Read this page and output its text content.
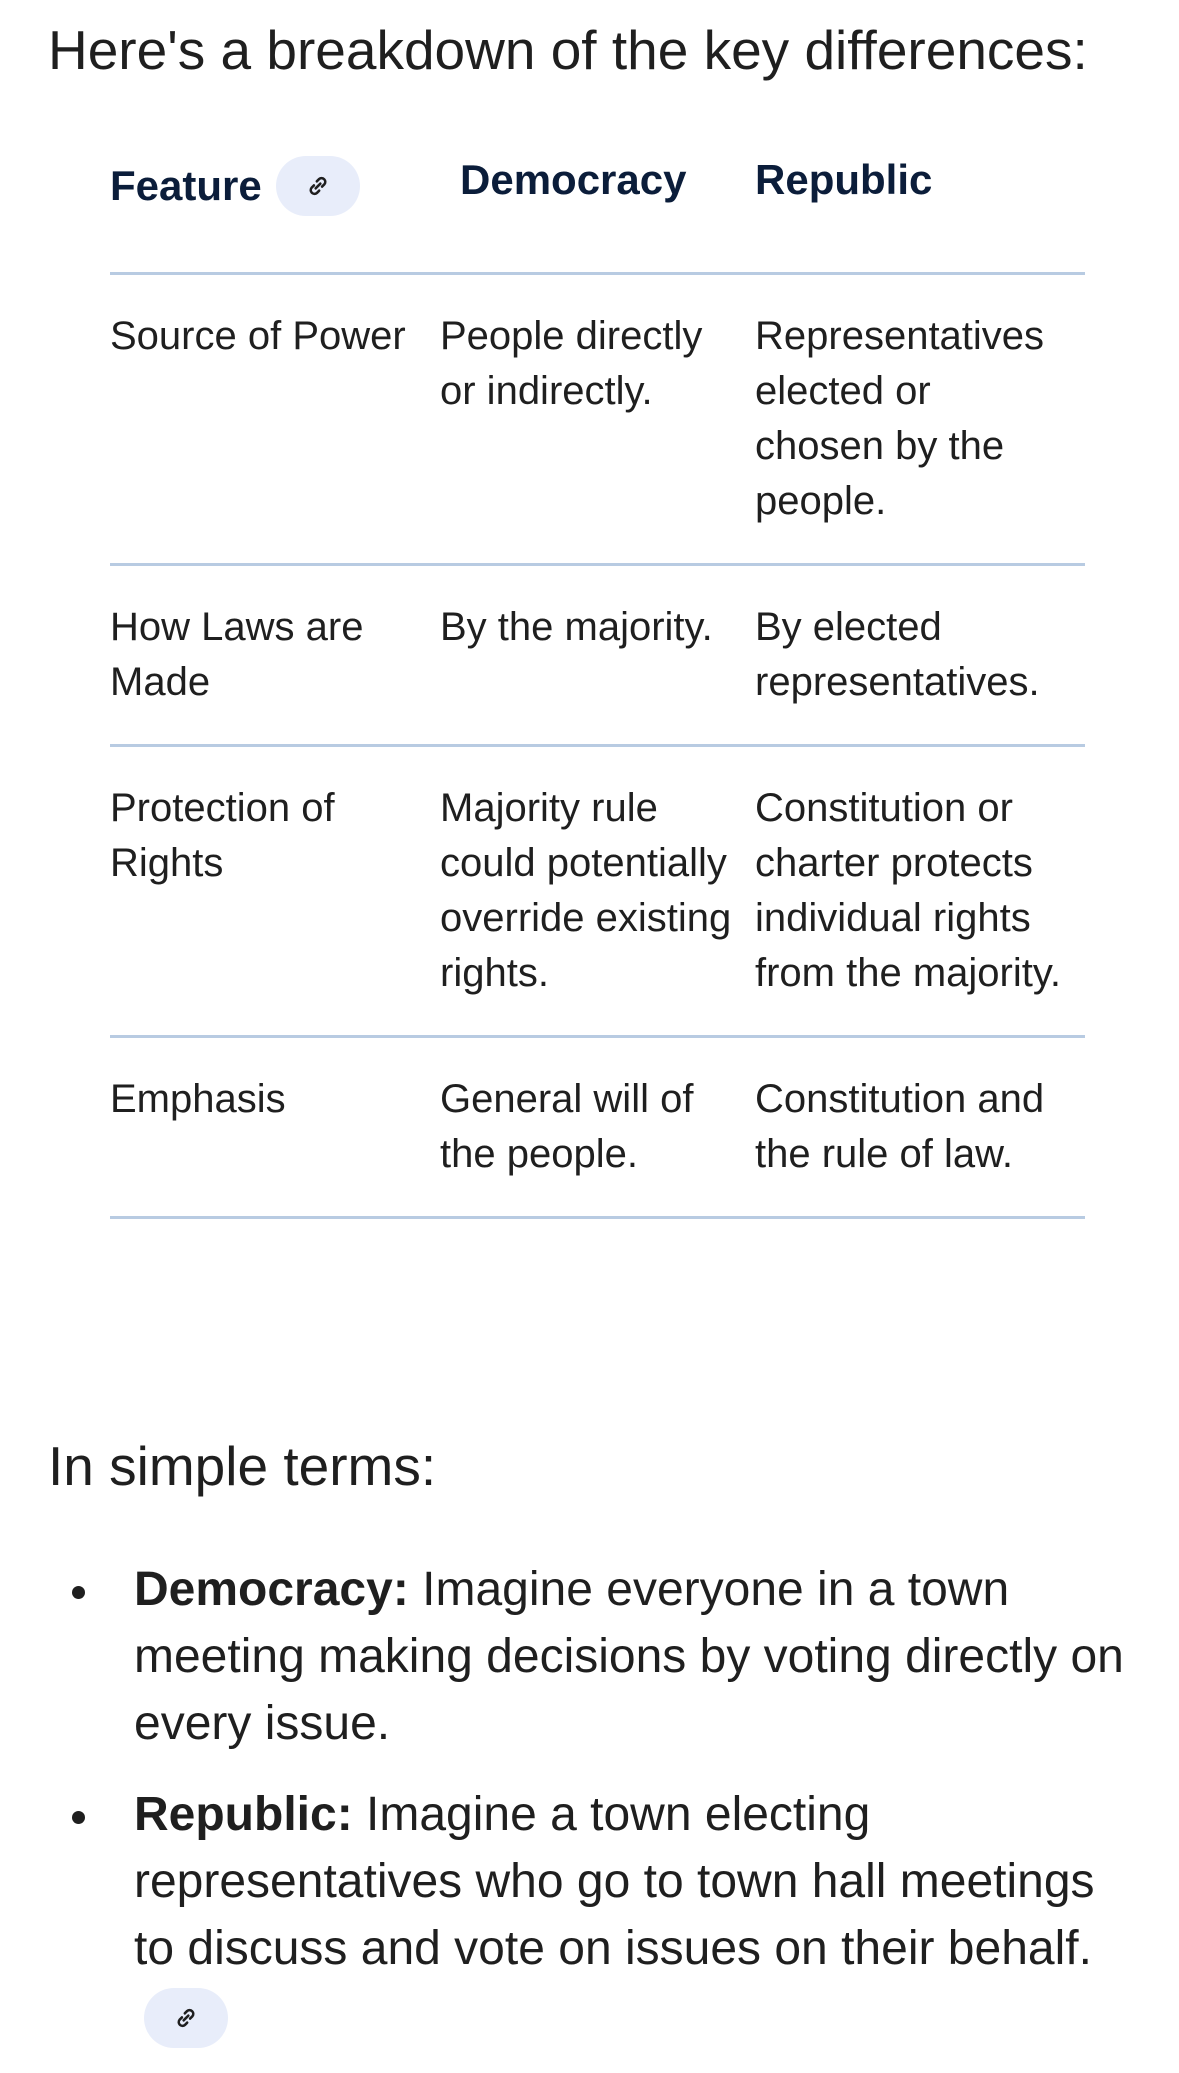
Here's a breakdown of the key differences:
Feature	Democracy	Republic
Source of Power	People directly or indirectly.	Representatives elected or chosen by the people.
How Laws are Made	By the majority.	By elected representatives.
Protection of Rights	Majority rule could potentially override existing rights.	Constitution or charter protects individual rights from the majority.
Emphasis	General will of the people.	Constitution and the rule of law.
In simple terms:
Democracy: Imagine everyone in a town meeting making decisions by voting directly on every issue.
Republic: Imagine a town electing representatives who go to town hall meetings to discuss and vote on issues on their behalf.
